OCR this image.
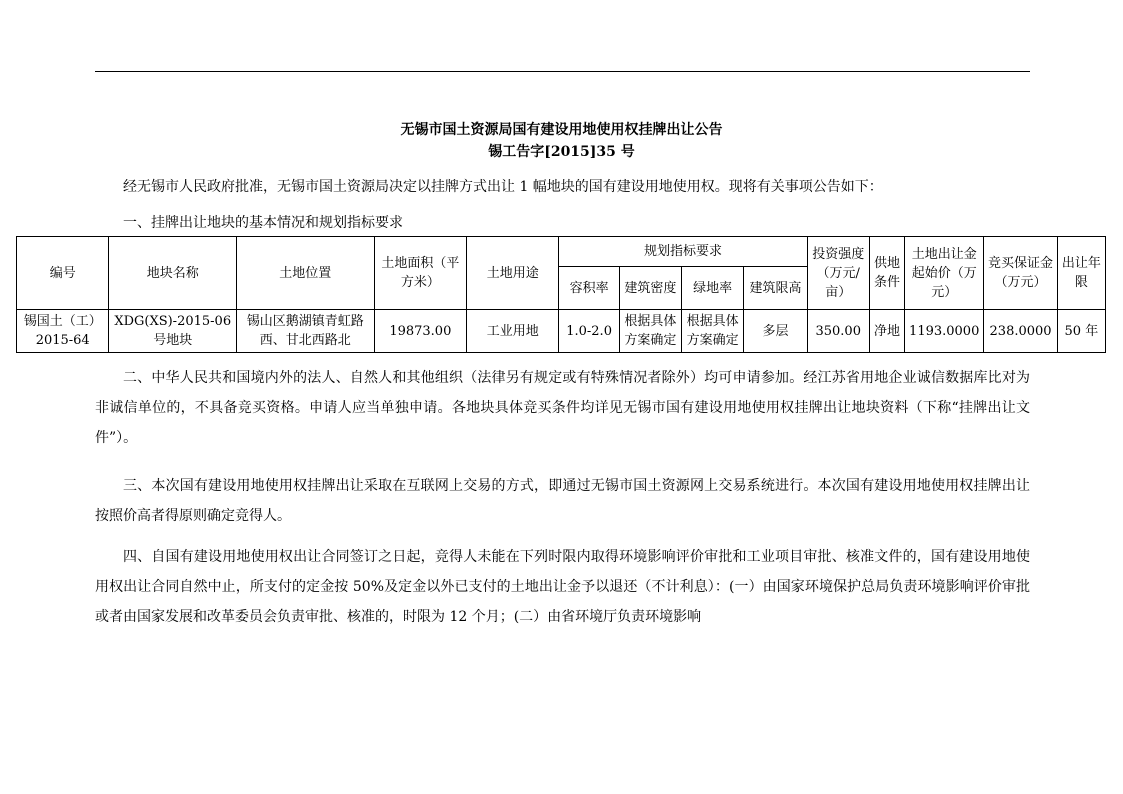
无锡市国土资源局国有建设用地使用权挂牌出让公告
锡工告字[2015]35 号

经无锡市人民政府批准，无锡市国土资源局决定以挂牌方式出让 1 幅地块的国有建设用地使用权。现将有关事项公告如下：

一、挂牌出让地块的基本情况和规划指标要求

编号	地块名称	土地位置	土地面积（平方米）	土地用途	规划指标要求				投资强度（万元/亩）	供地条件	土地出让金起始价（万元）	竞买保证金（万元）	出让年限
					容积率	建筑密度	绿地率	建筑限高					
锡国土（工）2015-64	XDG(XS)-2015-06号地块	锡山区鹅湖镇青虹路西、甘北西路北	19873.00	工业用地	1.0-2.0	根据具体方案确定	根据具体方案确定	多层	350.00	净地	1193.0000	238.0000	50 年

二、中华人民共和国境内外的法人、自然人和其他组织（法律另有规定或有特殊情况者除外）均可申请参加。经江苏省用地企业诚信数据库比对为非诚信单位的，不具备竞买资格。申请人应当单独申请。各地块具体竞买条件均详见无锡市国有建设用地使用权挂牌出让地块资料（下称“挂牌出让文件”）。

三、本次国有建设用地使用权挂牌出让采取在互联网上交易的方式，即通过无锡市国土资源网上交易系统进行。本次国有建设用地使用权挂牌出让按照价高者得原则确定竞得人。

四、自国有建设用地使用权出让合同签订之日起，竞得人未能在下列时限内取得环境影响评价审批和工业项目审批、核准文件的，国有建设用地使用权出让合同自然中止，所支付的定金按 50%及定金以外已支付的土地出让金予以退还（不计利息）：(一）由国家环境保护总局负责环境影响评价审批或者由国家发展和改革委员会负责审批、核准的，时限为 12 个月；(二）由省环境厅负责环境影响
